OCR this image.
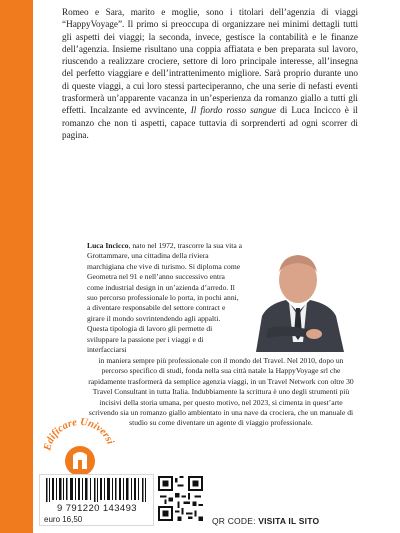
Romeo e Sara, marito e moglie, sono i titolari dell’agenzia di viaggi “HappyVoyage”. Il primo si preoccupa di organizzare nei minimi dettagli tutti gli aspetti dei viaggi; la seconda, invece, gestisce la contabilità e le finanze dell’agenzia. Insieme risultano una coppia affiatata e ben preparata sul lavoro, riuscendo a realizzare crociere, settore di loro principale interesse, all’insegna del perfetto viaggiare e dell’intrattenimento migliore. Sarà proprio durante uno di queste viaggi, a cui loro stessi parteciperanno, che una serie di nefasti eventi trasformerà un’apparente vacanza in un’esperienza da romanzo giallo a tutti gli effetti. Incalzante ed avvincente, Il fiordo rosso sangue di Luca Incicco è il romanzo che non ti aspetti, capace tuttavia di sorprenderti ad ogni scorrer di pagina.

Luca Incicco, nato nel 1972, trascorre la sua vita a Grottammare, una cittadina della riviera marchigiana che vive di turismo. Si diploma come Geometra nel 91 e nell’anno successivo entra come industrial design in un’azienda d’arredo. Il suo percorso professionale lo porta, in pochi anni, a diventare responsabile del settore contract e girare il mondo sovrintendendo agli appalti. Questa tipologia di lavoro gli permette di sviluppare la passione per i viaggi e di interfacciarsi

in maniera sempre più professionale con il mondo del Travel. Nel 2010, dopo un percorso specifico di studi, fonda nella sua città natale la HappyVoyage srl che rapidamente trasformerà da semplice agenzia viaggi, in un Travel Network con oltre 30 Travel Consultant in tutta Italia. Indubbiamente la scrittura è uno degli strumenti più incisivi della storia umana, per questo motivo, nel 2023, si cimenta in quest’arte scrivendo sia un romanzo giallo ambientato in una nave da crociera, che un manuale di studio su come diventare un agente di viaggio professionale.

Edificare Universi
9 791220 143493
euro 16,50	QR CODE: VISITA IL SITO
